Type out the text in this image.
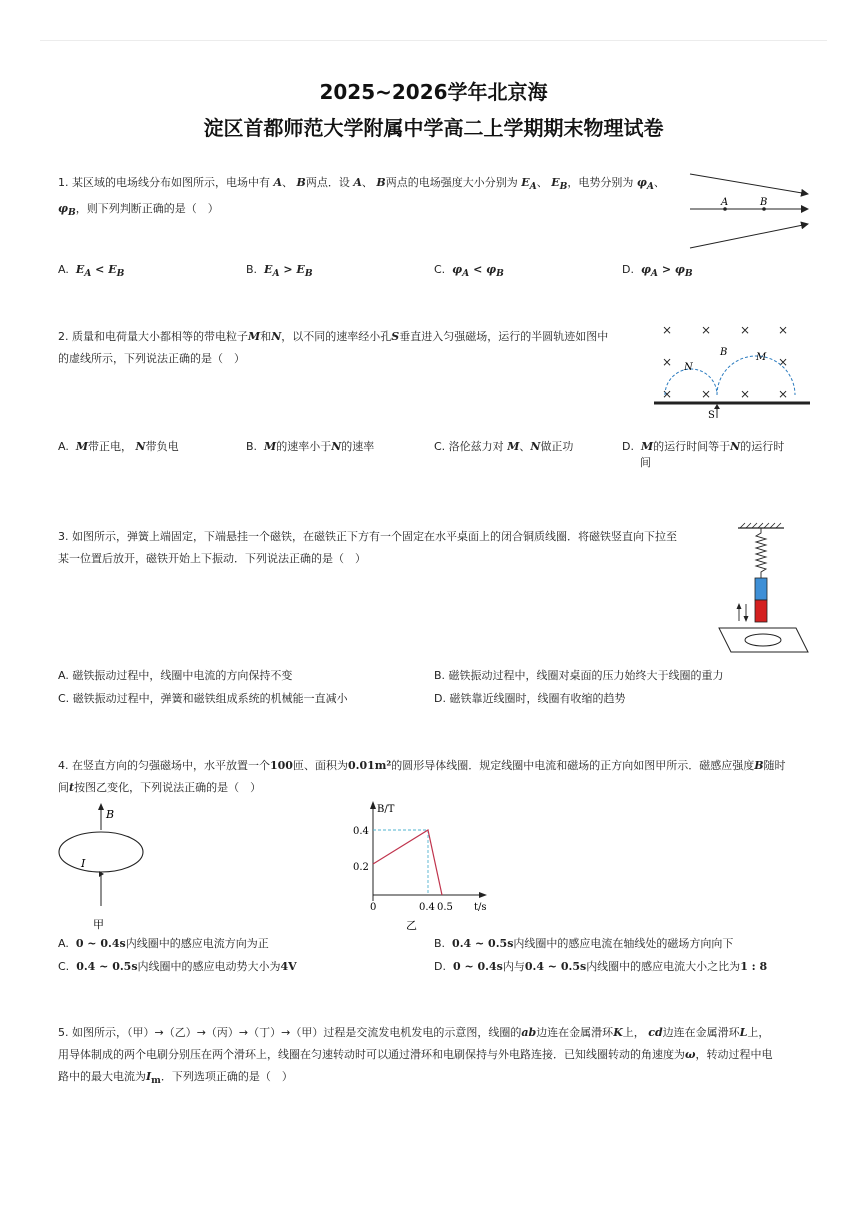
2025~2026学年北京海
淀区首都师范大学附属中学高二上学期期末物理试卷
1. 某区域的电场线分布如图所示，电场中有 A、 B两点．设 A、 B两点的电场强度大小分别为 $E_A$、 $E_B$，电势分别为 $\varphi_A$、
$\varphi_B$，则下列判断正确的是（　）	A	B
A.  $E_A < E_B$	B.  $E_A > E_B$	C.  $\varphi_A < \varphi_B$	D.  $\varphi_A > \varphi_B$
2. 质量和电荷量大小都相等的带电粒子M和N，以不同的速率经小孔S垂直进入匀强磁场，运行的半圆轨迹如图中
的虚线所示，下列说法正确的是（　）
× × × ×
×	×
× × × ×
B
N
M
S
A. M带正电， N带负电	B. M的速率小于N的速率	C. 洛伦兹力对 M、N做正功	D. M的运行时间等于N的运行时
间
3. 如图所示，弹簧上端固定，下端悬挂一个磁铁，在磁铁正下方有一个固定在水平桌面上的闭合铜质线圈．将磁铁竖直向下拉至
某一位置后放开，磁铁开始上下振动．下列说法正确的是（　）
A. 磁铁振动过程中，线圈中电流的方向保持不变	B. 磁铁振动过程中，线圈对桌面的压力始终大于线圈的重力
C. 磁铁振动过程中，弹簧和磁铁组成系统的机械能一直减小	D. 磁铁靠近线圈时，线圈有收缩的趋势
4. 在竖直方向的匀强磁场中，水平放置一个100匝、面积为0.01m²的圆形导体线圈．规定线圈中电流和磁场的正方向如图甲所示．磁感应强度B随时
间t按图乙变化，下列说法正确的是（　）
B
I
甲
B/T
t/s
0.4
0.2
0	0.4 0.5
乙
A. 0 ~ 0.4s内线圈中的感应电流方向为正	B. 0.4 ~ 0.5s内线圈中的感应电流在轴线处的磁场方向向下
C. 0.4 ~ 0.5s内线圈中的感应电动势大小为4V	D. 0 ~ 0.4s内与0.4 ~ 0.5s内线圈中的感应电流大小之比为1 : 8
5. 如图所示，（甲）→（乙）→（丙）→（丁）→（甲）过程是交流发电机发电的示意图，线圈的ab边连在金属滑环K上， cd边连在金属滑环L上，
用导体制成的两个电刷分别压在两个滑环上，线圈在匀速转动时可以通过滑环和电刷保持与外电路连接．已知线圈转动的角速度为ω，转动过程中电
路中的最大电流为$I_m$．下列选项正确的是（　）
